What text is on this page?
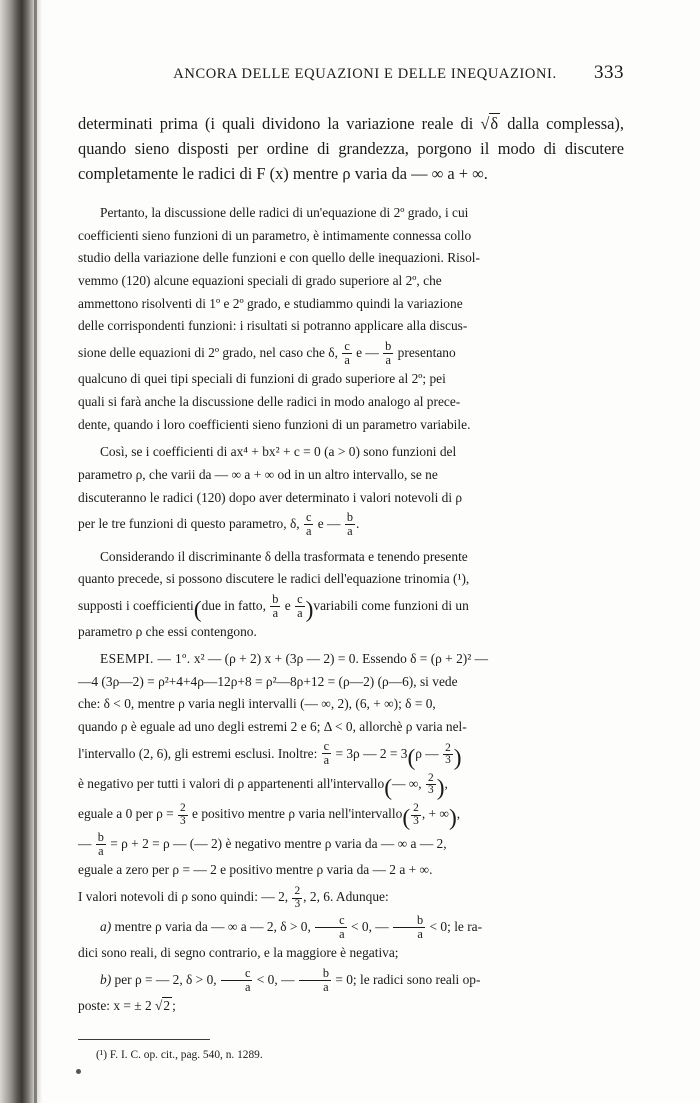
ANCORA DELLE EQUAZIONI E DELLE INEQUAZIONI.	333

determinati prima (i quali dividono la variazione reale di √δ dalla complessa), quando sieno disposti per ordine di grandezza, porgono il modo di discutere completamente le radici di F (x) mentre ρ varia da — ∞ a + ∞.

Pertanto, la discussione delle radici di un'equazione di 2º grado, i cui

coefficienti sieno funzioni di un parametro, è intimamente connessa collo

studio della variazione delle funzioni e con quello delle inequazioni. Risol-

vemmo (120) alcune equazioni speciali di grado superiore al 2º, che

ammettono risolventi di 1º e 2º grado, e studiammo quindi la variazione

delle corrispondenti funzioni: i risultati si potranno applicare alla discus-

sione delle equazioni di 2º grado, nel caso che δ, $\frac{c}{a}$ e — $\frac{b}{a}$ presentano

qualcuno di quei tipi speciali di funzioni di grado superiore al 2º; pei

quali si farà anche la discussione delle radici in modo analogo al prece-

dente, quando i loro coefficienti sieno funzioni di un parametro variabile.

Così, se i coefficienti di ax⁴ + bx² + c = 0 (a > 0) sono funzioni del

parametro ρ, che varii da — ∞ a + ∞ od in un altro intervallo, se ne

discuteranno le radici (120) dopo aver determinato i valori notevoli di ρ

per le tre funzioni di questo parametro, δ, $\frac{c}{a}$ e — $\frac{b}{a}$ .

Considerando il discriminante δ della trasformata e tenendo presente

quanto precede, si possono discutere le radici dell'equazione trinomia (¹),

supposti i coefficienti(due in fatto, $\frac{b}{a}$ e $\frac{c}{a}$ )variabili come funzioni di un

parametro ρ che essi contengono.

ESEMPI. — 1º. x² — (ρ + 2) x + (3ρ — 2) = 0. Essendo δ = (ρ + 2)² —

—4 (3ρ—2) = ρ²+4+4ρ—12ρ+8 = ρ²—8ρ+12 = (ρ—2) (ρ—6), si vede

che: δ < 0, mentre ρ varia negli intervalli (— ∞, 2), (6, + ∞); δ = 0,

quando ρ è eguale ad uno degli estremi 2 e 6; Δ < 0, allorchè ρ varia nel-

l'intervallo (2, 6), gli estremi esclusi. Inoltre: $\frac{c}{a} = 3\rho$ — 2 = 3(ρ — $\frac{2}{3}$ )

è negativo per tutti i valori di ρ appartenenti all'intervallo(— ∞, $\frac{2}{3}$ ),

eguale a 0 per $\rho = \frac{2}{3}$ e positivo mentre ρ varia nell'intervallo( $\frac{2}{3}$ , + ∞),

— $\frac{b}{a} = \rho + 2 = \rho$ — (— 2) è negativo mentre ρ varia da — ∞ a — 2,

eguale a zero per ρ = — 2 e positivo mentre ρ varia da — 2 a + ∞.

I valori notevoli di ρ sono quindi: — 2, $\frac{2}{3}$ , 2, 6. Adunque:

a) mentre ρ varia da — ∞ a — 2, δ > 0, $\frac{c}{a} < 0$, — $\frac{b}{a} < 0$; le ra-

dici sono reali, di segno contrario, e la maggiore è negativa;

b) per ρ = — 2, δ > 0, $\frac{c}{a} < 0$, — $\frac{b}{a} = 0$; le radici sono reali op-

poste: x = ± 2 √2 ;

(¹) F. I. C. op. cit., pag. 540, n. 1289.
